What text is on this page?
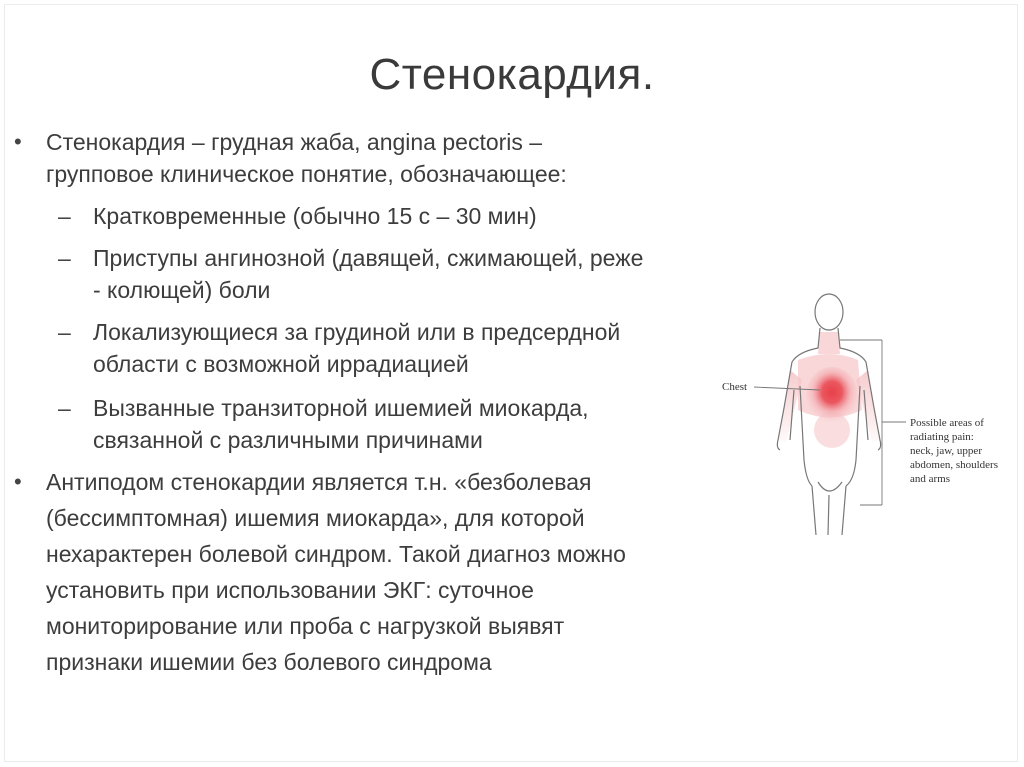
Стенокардия.
• Стенокардия – грудная жаба, angina pectoris –
групповое клиническое понятие, обозначающее:
– Кратковременные (обычно 15 с – 30 мин)
– Приступы ангинозной (давящей, сжимающей, реже
- колющей) боли
– Локализующиеся за грудиной или в предсердной
области с возможной иррадиацией
– Вызванные транзиторной ишемией миокарда,
связанной с различными причинами
• Антиподом стенокардии является т.н. «безболевая
(бессимптомная) ишемия миокарда», для которой
нехарактерен болевой синдром. Такой диагноз можно
установить при использовании ЭКГ: суточное
мониторирование или проба с нагрузкой выявят
признаки ишемии без болевого синдрома
Chest
Possible areas of radiating pain: neck, jaw, upper abdomen, shoulders and arms
